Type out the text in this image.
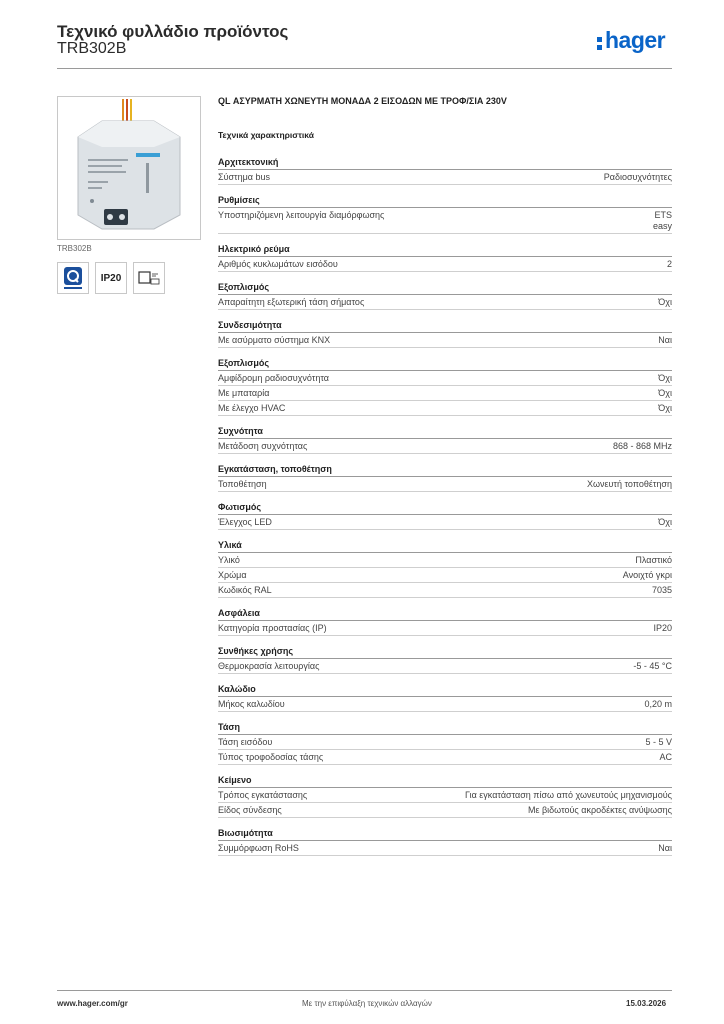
Τεχνικό φυλλάδιο προϊόντος
TRB302B	hager
TRB302B
IP20
QL ΑΣΥΡΜΑΤΗ ΧΩΝΕΥΤΗ ΜΟΝΑΔΑ 2 ΕΙΣΟΔΩΝ ΜΕ ΤΡΟΦ/ΣΙΑ 230V
Τεχνικά χαρακτηριστικά
Αρχιτεκτονική
Σύστημα bus	Ραδιοσυχνότητες
Ρυθμίσεις
Υποστηριζόμενη λειτουργία διαμόρφωσης	ETS
easy
Ηλεκτρικό ρεύμα
Αριθμός κυκλωμάτων εισόδου	2
Εξοπλισμός
Απαραίτητη εξωτερική τάση σήματος	Όχι
Συνδεσιμότητα
Με ασύρματο σύστημα KNX	Ναι
Εξοπλισμός
Αμφίδρομη ραδιοσυχνότητα	Όχι
Με μπαταρία	Όχι
Με έλεγχο HVAC	Όχι
Συχνότητα
Μετάδοση συχνότητας	868 - 868 MHz
Εγκατάσταση, τοποθέτηση
Τοποθέτηση	Χωνευτή τοποθέτηση
Φωτισμός
Έλεγχος LED	Όχι
Υλικά
Υλικό	Πλαστικό
Χρώμα	Ανοιχτό γκρι
Κωδικός RAL	7035
Ασφάλεια
Κατηγορία προστασίας (IP)	IP20
Συνθήκες χρήσης
Θερμοκρασία λειτουργίας	-5 - 45 °C
Καλώδιο
Μήκος καλωδίου	0,20 m
Τάση
Τάση εισόδου	5 - 5 V
Τύπος τροφοδοσίας τάσης	AC
Κείμενο
Τρόπος εγκατάστασης	Για εγκατάσταση πίσω από χωνευτούς μηχανισμούς
Είδος σύνδεσης	Με βιδωτούς ακροδέκτες ανύψωσης
Βιωσιμότητα
Συμμόρφωση RoHS	Ναι
www.hager.com/gr	Με την επιφύλαξη τεχνικών αλλαγών	15.03.2026
